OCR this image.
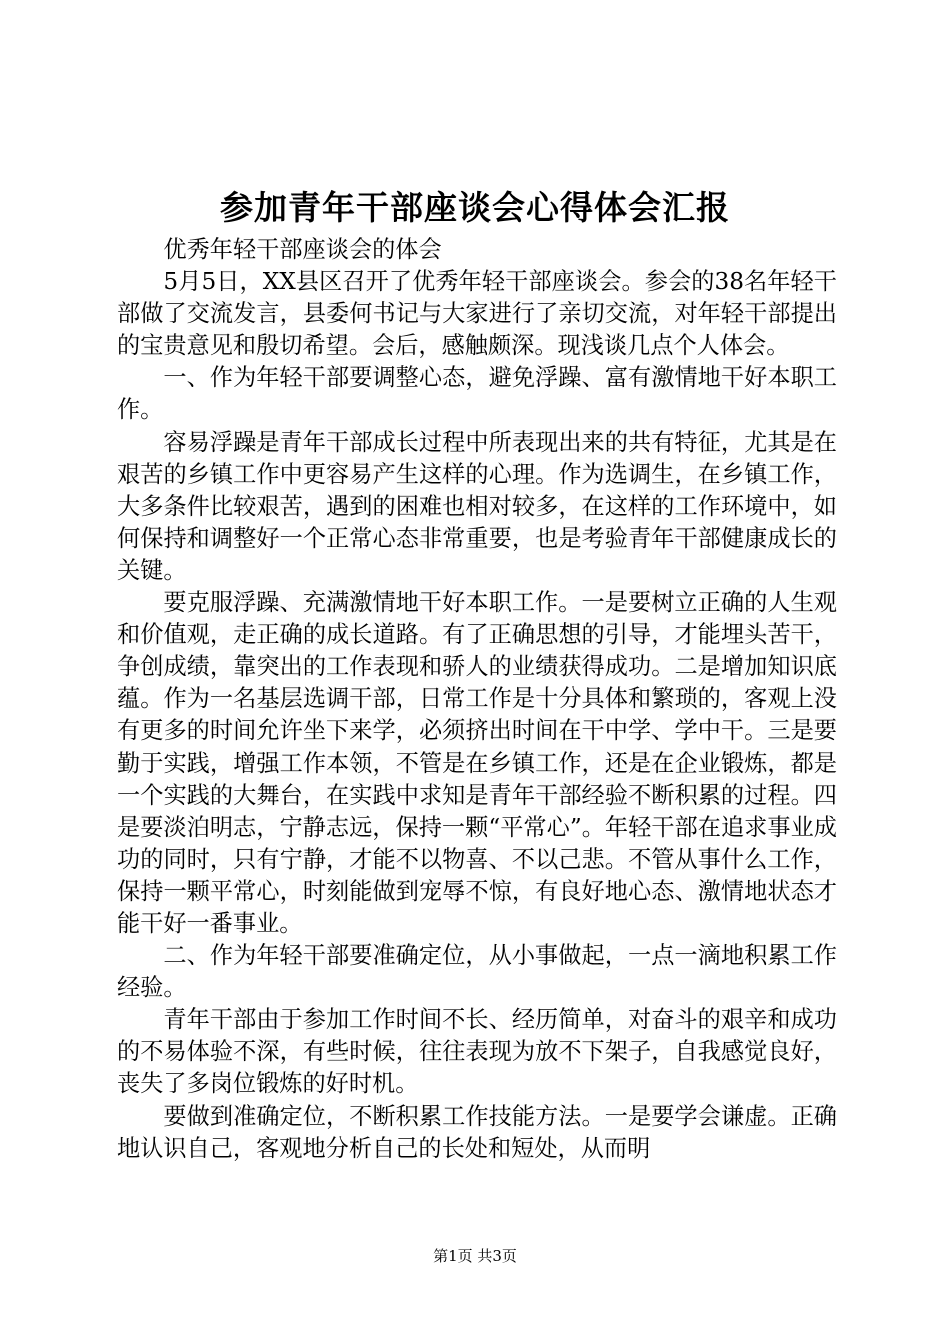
参加青年干部座谈会心得体会汇报

优秀年轻干部座谈会的体会

5月5日，XX县区召开了优秀年轻干部座谈会。参会的38名年轻干部做了交流发言，县委何书记与大家进行了亲切交流，对年轻干部提出的宝贵意见和殷切希望。会后，感触颇深。现浅谈几点个人体会。

一、作为年轻干部要调整心态，避免浮躁、富有激情地干好本职工作。

容易浮躁是青年干部成长过程中所表现出来的共有特征，尤其是在艰苦的乡镇工作中更容易产生这样的心理。作为选调生，在乡镇工作，大多条件比较艰苦，遇到的困难也相对较多，在这样的工作环境中，如何保持和调整好一个正常心态非常重要，也是考验青年干部健康成长的关键。

要克服浮躁、充满激情地干好本职工作。一是要树立正确的人生观和价值观，走正确的成长道路。有了正确思想的引导，才能埋头苦干，争创成绩，靠突出的工作表现和骄人的业绩获得成功。二是增加知识底蕴。作为一名基层选调干部，日常工作是十分具体和繁琐的，客观上没有更多的时间允许坐下来学，必须挤出时间在干中学、学中干。三是要勤于实践，增强工作本领，不管是在乡镇工作，还是在企业锻炼，都是一个实践的大舞台，在实践中求知是青年干部经验不断积累的过程。四是要淡泊明志，宁静志远，保持一颗“平常心”。年轻干部在追求事业成功的同时，只有宁静，才能不以物喜、不以己悲。不管从事什么工作，保持一颗平常心，时刻能做到宠辱不惊，有良好地心态、激情地状态才能干好一番事业。

二、作为年轻干部要准确定位，从小事做起，一点一滴地积累工作经验。

青年干部由于参加工作时间不长、经历简单，对奋斗的艰辛和成功的不易体验不深，有些时候，往往表现为放不下架子，自我感觉良好，丧失了多岗位锻炼的好时机。

要做到准确定位，不断积累工作技能方法。一是要学会谦虚。正确地认识自己，客观地分析自己的长处和短处，从而明

第1页 共3页
